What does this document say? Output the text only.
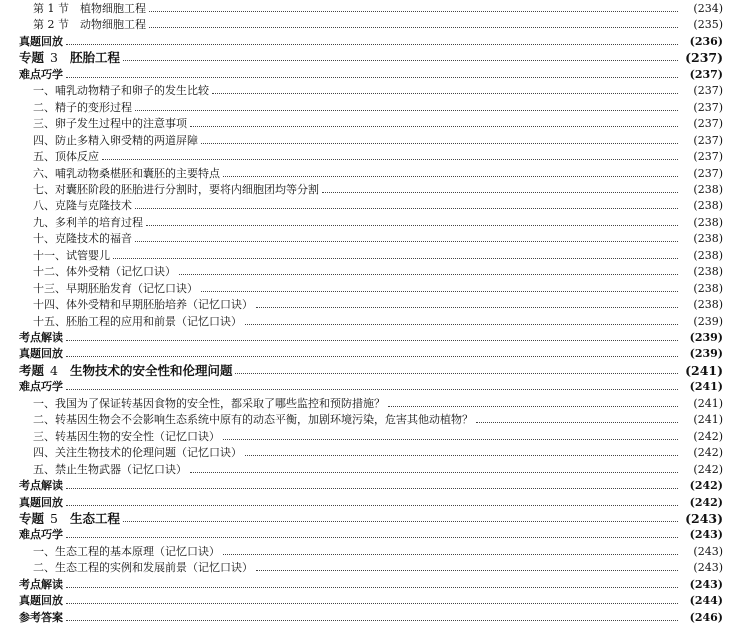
第 1 节　植物细胞工程	(234)
第 2 节　动物细胞工程	(235)
真题回放	(236)
专题 3 胚胎工程	(237)
难点巧学	(237)
一、哺乳动物精子和卵子的发生比较	(237)
二、精子的变形过程	(237)
三、卵子发生过程中的注意事项	(237)
四、防止多精入卵受精的两道屏障	(237)
五、顶体反应	(237)
六、哺乳动物桑椹胚和囊胚的主要特点	(237)
七、对囊胚阶段的胚胎进行分割时，要将内细胞团均等分割	(238)
八、克隆与克隆技术	(238)
九、多利羊的培育过程	(238)
十、克隆技术的福音	(238)
十一、试管婴儿	(238)
十二、体外受精（记忆口诀）	(238)
十三、早期胚胎发育（记忆口诀）	(238)
十四、体外受精和早期胚胎培养（记忆口诀）	(238)
十五、胚胎工程的应用和前景（记忆口诀）	(239)
考点解读	(239)
真题回放	(239)
考题 4 生物技术的安全性和伦理问题	(241)
难点巧学	(241)
一、我国为了保证转基因食物的安全性，都采取了哪些监控和预防措施？	(241)
二、转基因生物会不会影响生态系统中原有的动态平衡，加剧环境污染，危害其他动植物？	(241)
三、转基因生物的安全性（记忆口诀）	(242)
四、关注生物技术的伦理问题（记忆口诀）	(242)
五、禁止生物武器（记忆口诀）	(242)
考点解读	(242)
真题回放	(242)
专题 5 生态工程	(243)
难点巧学	(243)
一、生态工程的基本原理（记忆口诀）	(243)
二、生态工程的实例和发展前景（记忆口诀）	(243)
考点解读	(243)
真题回放	(244)
参考答案	(246)
